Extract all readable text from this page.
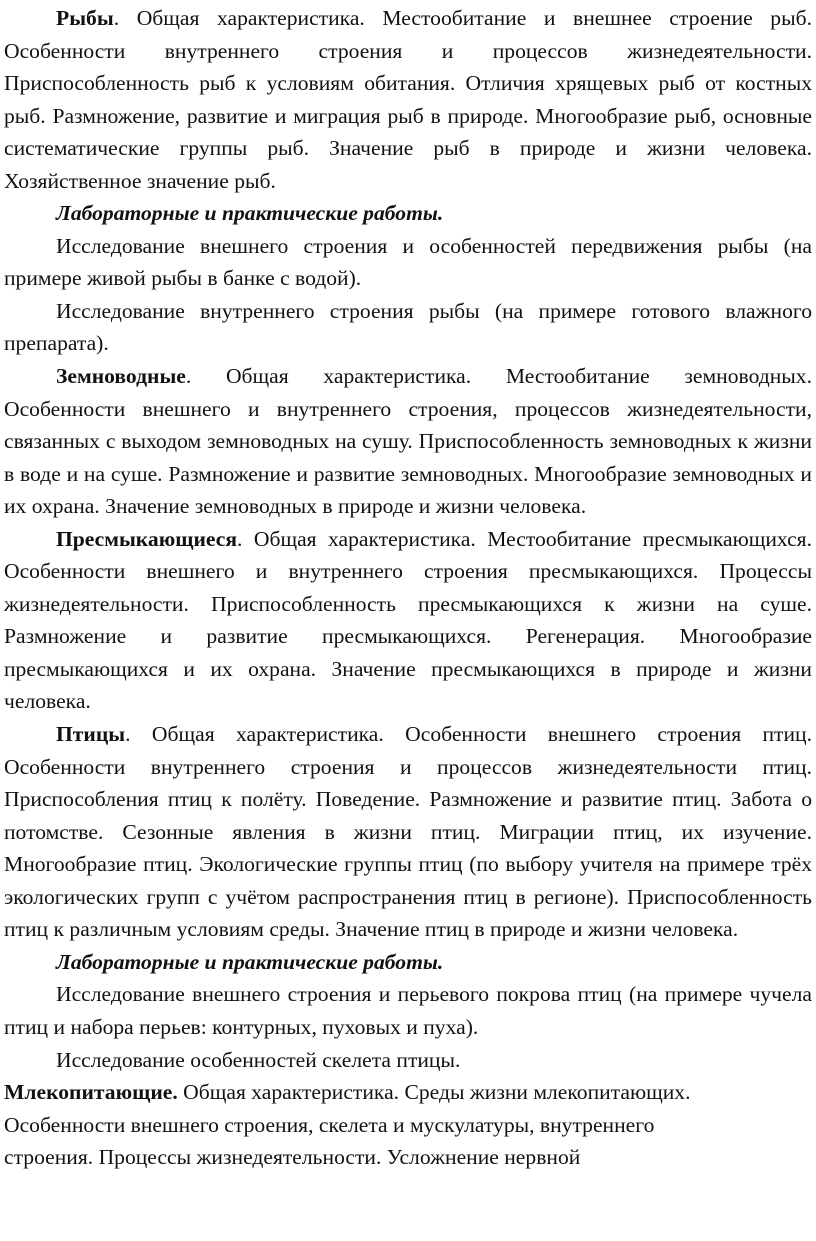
Рыбы. Общая характеристика. Местообитание и внешнее строение рыб. Особенности внутреннего строения и процессов жизнедеятельности. Приспособленность рыб к условиям обитания. Отличия хрящевых рыб от костных рыб. Размножение, развитие и миграция рыб в природе. Многообразие рыб, основные систематические группы рыб. Значение рыб в природе и жизни человека. Хозяйственное значение рыб.

Лабораторные и практические работы.

Исследование внешнего строения и особенностей передвижения рыбы (на примере живой рыбы в банке с водой).

Исследование внутреннего строения рыбы (на примере готового влажного препарата).

Земноводные. Общая характеристика. Местообитание земноводных. Особенности внешнего и внутреннего строения, процессов жизнедеятельности, связанных с выходом земноводных на сушу. Приспособленность земноводных к жизни в воде и на суше. Размножение и развитие земноводных. Многообразие земноводных и их охрана. Значение земноводных в природе и жизни человека.

Пресмыкающиеся. Общая характеристика. Местообитание пресмыкающихся. Особенности внешнего и внутреннего строения пресмыкающихся. Процессы жизнедеятельности. Приспособленность пресмыкающихся к жизни на суше. Размножение и развитие пресмыкающихся. Регенерация. Многообразие пресмыкающихся и их охрана. Значение пресмыкающихся в природе и жизни человека.

Птицы. Общая характеристика. Особенности внешнего строения птиц. Особенности внутреннего строения и процессов жизнедеятельности птиц. Приспособления птиц к полёту. Поведение. Размножение и развитие птиц. Забота о потомстве. Сезонные явления в жизни птиц. Миграции птиц, их изучение. Многообразие птиц. Экологические группы птиц (по выбору учителя на примере трёх экологических групп с учётом распространения птиц в регионе). Приспособленность птиц к различным условиям среды. Значение птиц в природе и жизни человека.

Лабораторные и практические работы.

Исследование внешнего строения и перьевого покрова птиц (на примере чучела птиц и набора перьев: контурных, пуховых и пуха).

Исследование особенностей скелета птицы.

Млекопитающие. Общая характеристика. Среды жизни млекопитающих.
Особенности внешнего строения, скелета и мускулатуры, внутреннего
строения. Процессы жизнедеятельности. Усложнение нервной
